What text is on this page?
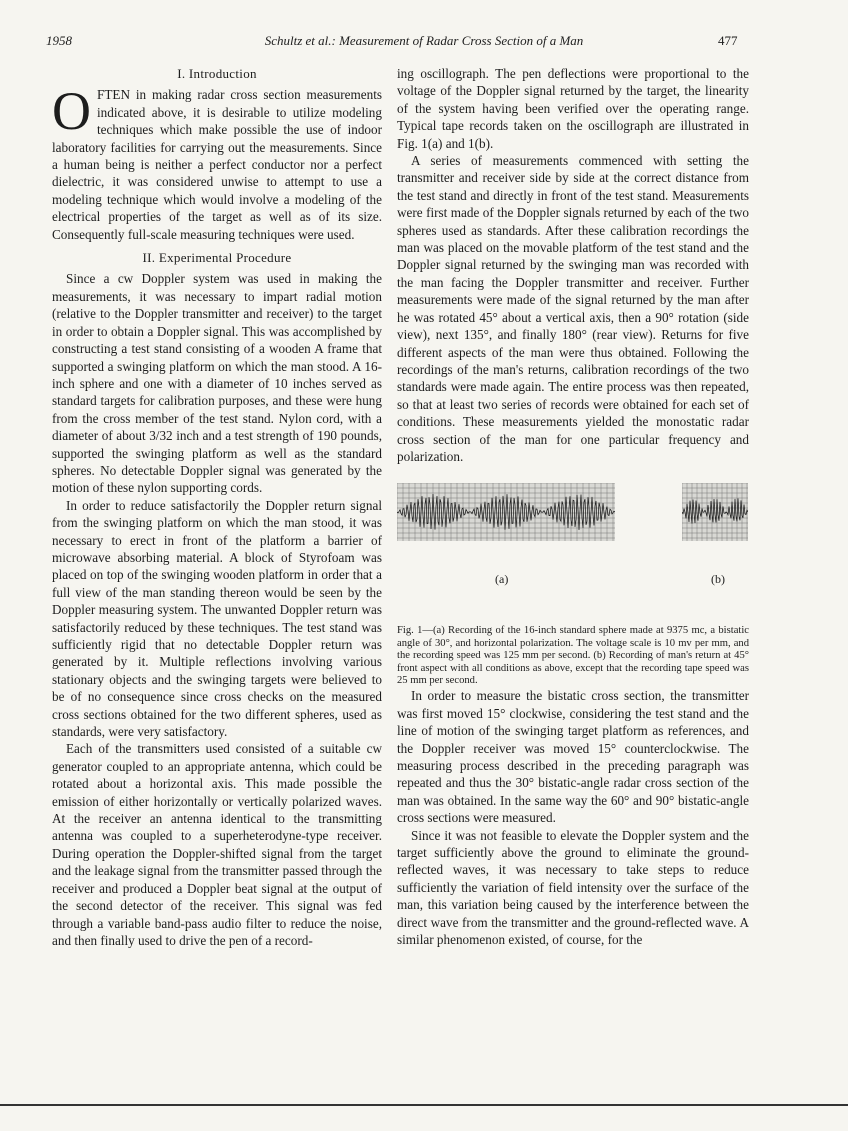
1958	Schultz et al.: Measurement of Radar Cross Section of a Man	477
I. Introduction

OFTEN in making radar cross section measurements indicated above, it is desirable to utilize modeling techniques which make possible the use of indoor laboratory facilities for carrying out the measurements. Since a human being is neither a perfect conductor nor a perfect dielectric, it was considered unwise to attempt to use a modeling technique which would involve a modeling of the electrical properties of the target as well as of its size. Consequently full-scale measuring techniques were used.

II. Experimental Procedure

Since a cw Doppler system was used in making the measurements, it was necessary to impart radial motion (relative to the Doppler transmitter and receiver) to the target in order to obtain a Doppler signal. This was accomplished by constructing a test stand consisting of a wooden A frame that supported a swinging platform on which the man stood. A 16-inch sphere and one with a diameter of 10 inches served as standard targets for calibration purposes, and these were hung from the cross member of the test stand. Nylon cord, with a diameter of about 3/32 inch and a test strength of 190 pounds, supported the swinging platform as well as the standard spheres. No detectable Doppler signal was generated by the motion of these nylon supporting cords.

In order to reduce satisfactorily the Doppler return signal from the swinging platform on which the man stood, it was necessary to erect in front of the platform a barrier of microwave absorbing material. A block of Styrofoam was placed on top of the swinging wooden platform in order that a full view of the man standing thereon would be seen by the Doppler measuring system. The unwanted Doppler return was satisfactorily reduced by these techniques. The test stand was sufficiently rigid that no detectable Doppler return was generated by it. Multiple reflections involving various stationary objects and the swinging targets were believed to be of no consequence since cross checks on the measured cross sections obtained for the two different spheres, used as standards, were very satisfactory.

Each of the transmitters used consisted of a suitable cw generator coupled to an appropriate antenna, which could be rotated about a horizontal axis. This made possible the emission of either horizontally or vertically polarized waves. At the receiver an antenna identical to the transmitting antenna was coupled to a superheterodyne-type receiver. During operation the Doppler-shifted signal from the target and the leakage signal from the transmitter passed through the receiver and produced a Doppler beat signal at the output of the second detector of the receiver. This signal was fed through a variable band-pass audio filter to reduce the noise, and then finally used to drive the pen of a record-

ing oscillograph. The pen deflections were proportional to the voltage of the Doppler signal returned by the target, the linearity of the system having been verified over the operating range. Typical tape records taken on the oscillograph are illustrated in Fig. 1(a) and 1(b).

A series of measurements commenced with setting the transmitter and receiver side by side at the correct distance from the test stand and directly in front of the test stand. Measurements were first made of the Doppler signals returned by each of the two spheres used as standards. After these calibration recordings the man was placed on the movable platform of the test stand and the Doppler signal returned by the swinging man was recorded with the man facing the Doppler transmitter and receiver. Further measurements were made of the signal returned by the man after he was rotated 45° about a vertical axis, then a 90° rotation (side view), next 135°, and finally 180° (rear view). Returns for five different aspects of the man were thus obtained. Following the recordings of the man's returns, calibration recordings of the two standards were made again. The entire process was then repeated, so that at least two series of records were obtained for each set of conditions. These measurements yielded the monostatic radar cross section of the man for one particular frequency and polarization.

(a)	(b)

Fig. 1—(a) Recording of the 16-inch standard sphere made at 9375 mc, a bistatic angle of 30°, and horizontal polarization. The voltage scale is 10 mv per mm, and the recording speed was 125 mm per second. (b) Recording of man's return at 45° front aspect with all conditions as above, except that the recording tape speed was 25 mm per second.

In order to measure the bistatic cross section, the transmitter was first moved 15° clockwise, considering the test stand and the line of motion of the swinging target platform as references, and the Doppler receiver was moved 15° counterclockwise. The measuring process described in the preceding paragraph was repeated and thus the 30° bistatic-angle radar cross section of the man was obtained. In the same way the 60° and 90° bistatic-angle cross sections were measured.

Since it was not feasible to elevate the Doppler system and the target sufficiently above the ground to eliminate the ground-reflected waves, it was necessary to take steps to reduce sufficiently the variation of field intensity over the surface of the man, this variation being caused by the interference between the direct wave from the transmitter and the ground-reflected wave. A similar phenomenon existed, of course, for the
